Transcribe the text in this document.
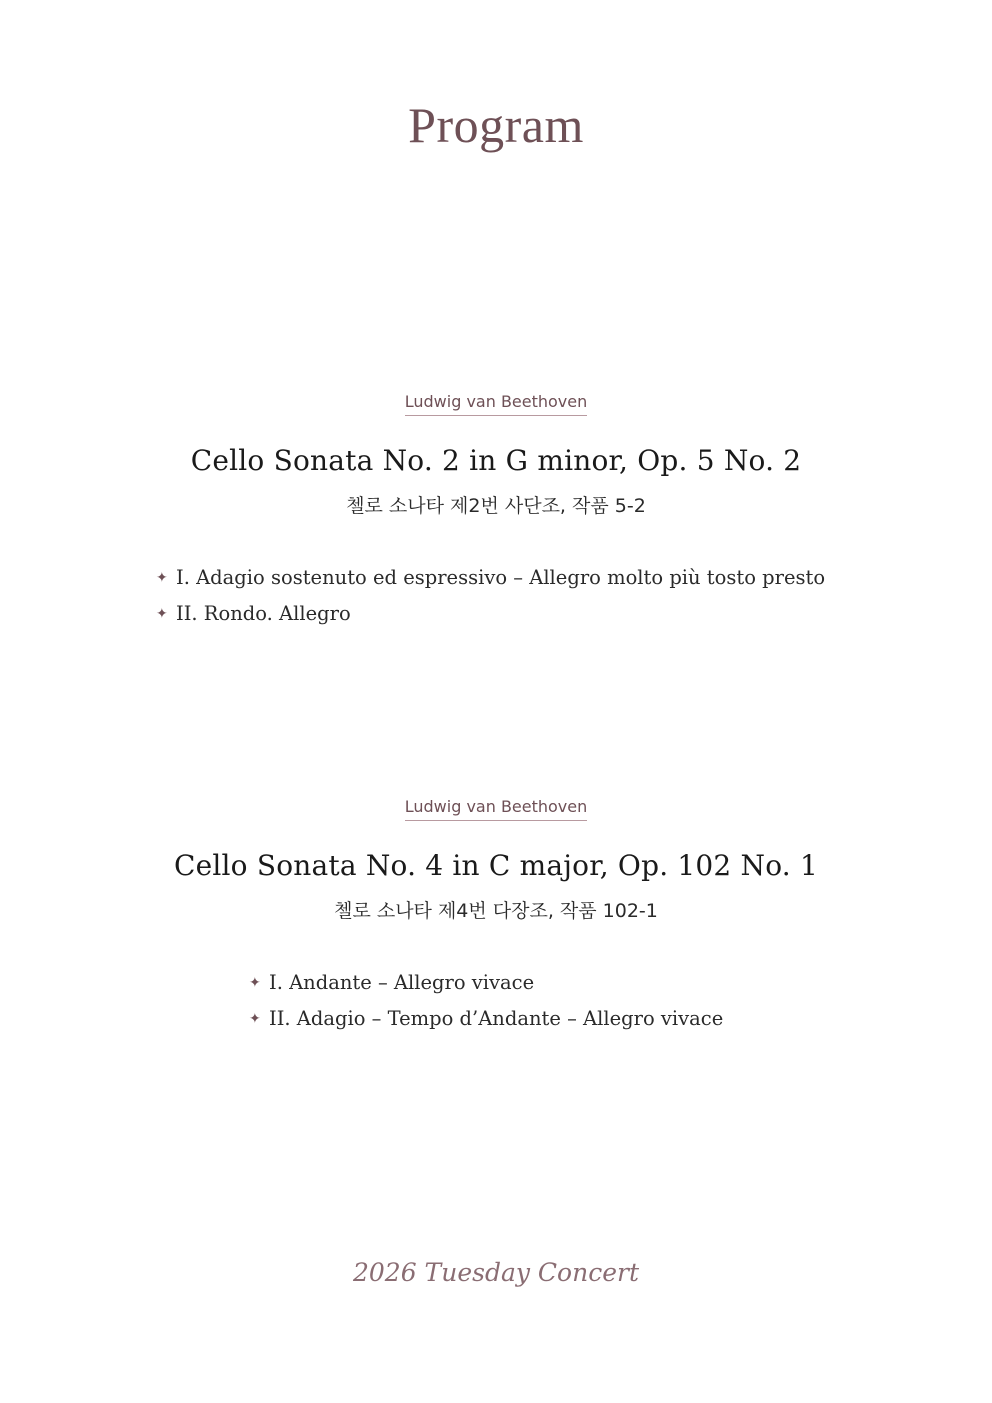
Program
Ludwig van Beethoven
Cello Sonata No. 2 in G minor, Op. 5 No. 2
첼로 소나타 제2번 사단조, 작품 5-2
✦ I. Adagio sostenuto ed espressivo – Allegro molto più tosto presto
✦ II. Rondo. Allegro
Ludwig van Beethoven
Cello Sonata No. 4 in C major, Op. 102 No. 1
첼로 소나타 제4번 다장조, 작품 102-1
✦ I. Andante – Allegro vivace
✦ II. Adagio – Tempo d’Andante – Allegro vivace
2026 Tuesday Concert
